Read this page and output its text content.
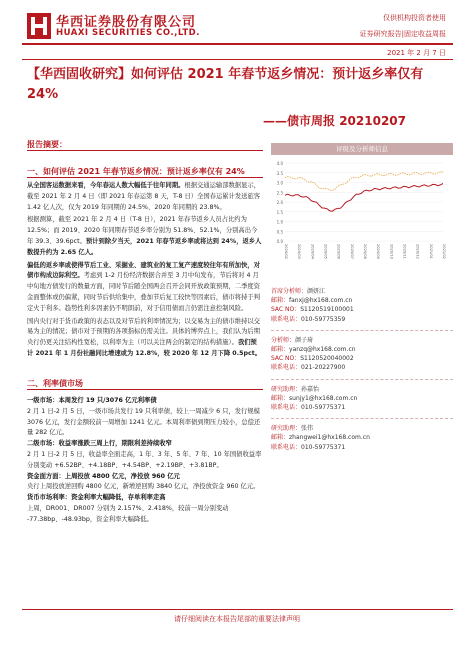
华西证券股份有限公司
HUAXI SECURITIES CO.,LTD.
仅供机构投资者使用
证券研究报告|固定收益周报
2021 年 2 月 7 日
【华西固收研究】如何评估 2021 年春节返乡情况：预计返乡率仅有 24%
——债市周报 20210207
报告摘要：
一、如何评估 2021 年春节返乡情况：预计返乡率仅有 24%

从全国客运数据来看，今年春运人数大幅低于往年同期。根据交通运输部数据显示，截至 2021 年 2 月 4 日（即 2021 年春运第 8 天，T-8 日）全国春运累计发送旅客 1.42 亿人次，仅为 2019 年同期的 24.5%、2020 年同期的 23.8%。

根据测算，截至 2021 年 2 月 4 日（T-8 日），2021 年春节返乡人员占比约为 12.5%；而 2019、2020 年同期春节返乡率分别为 51.8%、52.1%，分别高出今年 39.3、39.6pct。预计到除夕当天，2021 年春节返乡率或将达到 24%，返乡人数提升约为 2.65 亿人。

偏低的返乡率或使得节后工业、采掘业、建筑业的复工复产速度较往年有所加快，对债市构成边际利空。考虑到 1-2 月份经济数据合并至 3 月中旬发布，节后将对 4 月中旬地方债发行的数量方面，同时节后随全国两会召开会同开放政策预期，二季度资金面整体或仍偏紧，同时节后供给集中，叠加节后复工较快等因素后，债市将持于判定火于利多。趋势性利多因素仍不明朗前，对于信用债而言仍需注意控制风险。

国内央行对于货币政策的表态以及对节后的利率情况为；以交易为主的债市维持以交易为主的情况；债市对于预期的各项指标仍需关注。具体的博弈点上，我们认为后期央行仍更关注结构性宽松，以利率为主（可以关注两会的制定的结构措施）。我们预计 2021 年 1 月份社融同比增速或为 12.8%，较 2020 年 12 月下降 0.5pct。

二、利率债市场

一级市场：本周发行 19 只/3076 亿元利率债

2 月 1 日-2 月 5 日，一级市场共发行 19 只利率债，较上一周减少 6 只，发行规模 3076 亿元，发行金额较前一周增加 1241 亿元。本周利率债到期压力较小，总偿还量 282 亿元。

二级市场：收益率涨跌三周上行，期限利差持续收窄

2 月 1 日-2 月 5 日，收益率全面走高，1 年、3 年、5 年、7 年、10 年国债收益率分别变动 +6.52BP、+4.18BP、+4.54BP、+2.19BP、+3.81BP。

资金面方面：上周投放 4800 亿元，净投放 960 亿元

央行上周投放逆回购 4800 亿元，新增逆回购 3840 亿元，净投放资金 960 亿元。

货币市场利率：资金利率大幅降低，存单利率走高

上周，DR001、DR007 分别为 2.157%、2.418%，较前一周分别变动 -77.38bp、-48.93bp，资金利率大幅降低。

评级及分析师信息
4.0
3.5
3.0
2.5
2.0
1.5
1.0
0.5
0.0
2020/02	2020/03	2020/04	2020/05	2020/06	2020/07	2020/08	2020/09	2020/10	2020/11	2020/12	2021/01	2021/02
首席分析师：颜妍江
邮箱：fanxj@hx168.com.cn
SAC NO：S1120519100001
联系电话：010-59775359
分析师：颜子琦
邮箱：yanzq@hx168.com.cn
SAC NO：S1120520040002
联系电话：021-20227900
研究助理：孙嘉怡
邮箱：sunjy1@hx168.com.cn
联系电话：010-59775371
研究助理：张伟
邮箱：zhangwei1@hx168.com.cn
联系电话：010-59775371
请仔细阅读在本报告尾部的重要法律声明
